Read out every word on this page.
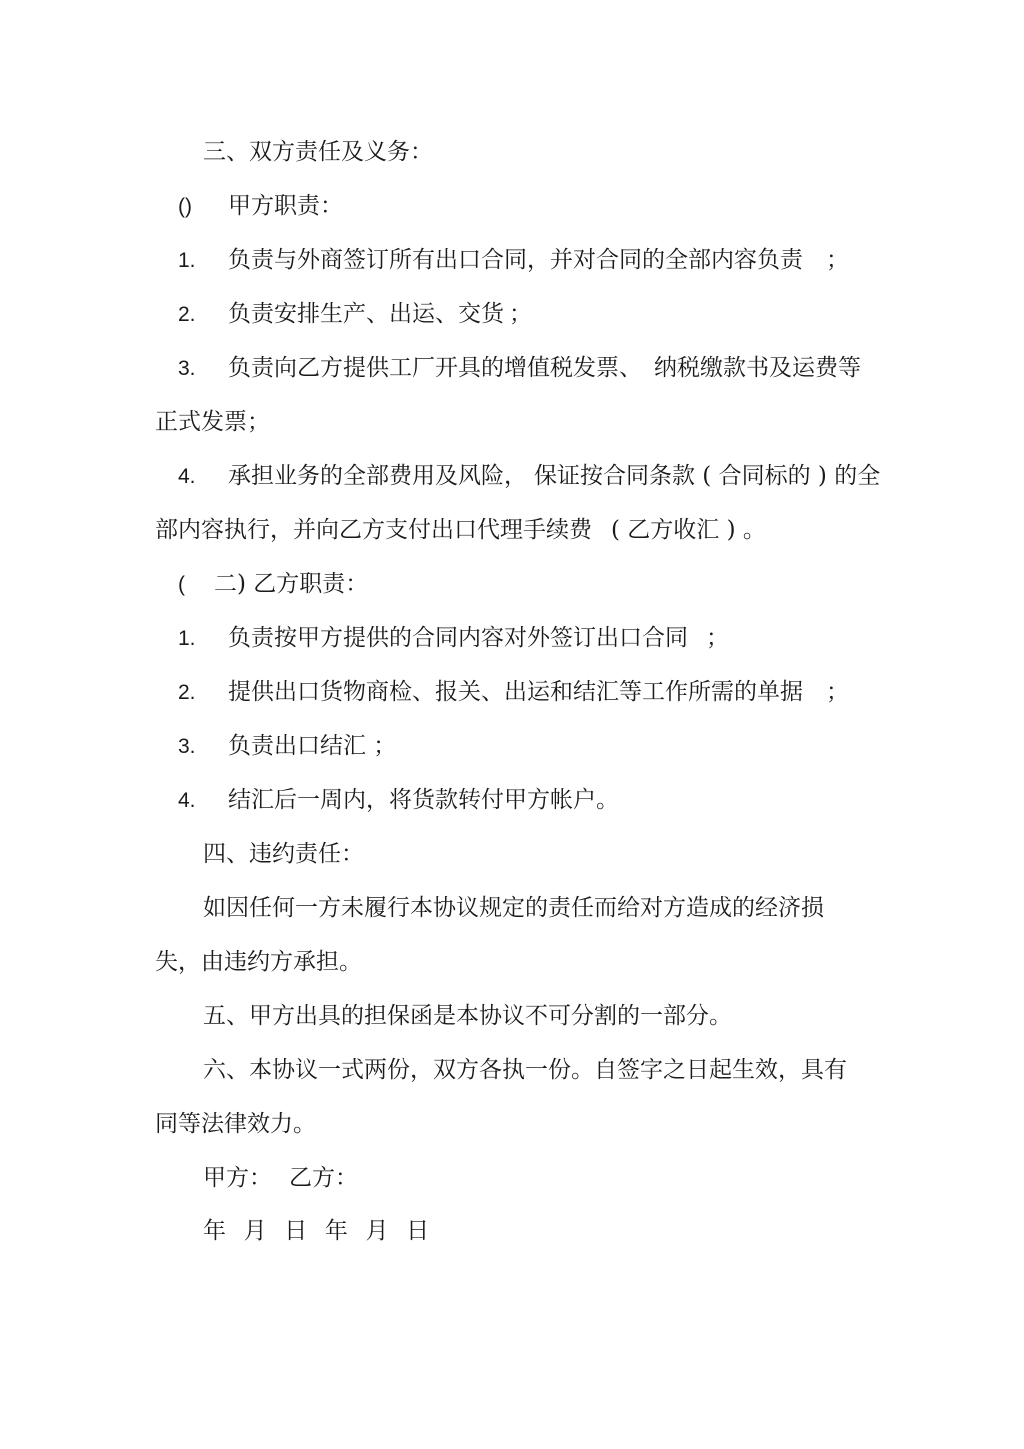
三、双方责任及义务：
() 甲方职责：
1. 负责与外商签订所有出口合同，并对合同的全部内容负责 ；
2. 负责安排生产、出运、交货 ；
3. 负责向乙方提供工厂开具的增值税发票、 纳税缴款书及运费等
正式发票；
4. 承担业务的全部费用及风险， 保证按合同条款 ( 合同标的 ) 的全
部内容执行，并向乙方支付出口代理手续费 ( 乙方收汇 ) 。
( 二) 乙方职责：
1. 负责按甲方提供的合同内容对外签订出口合同 ；
2. 提供出口货物商检、报关、出运和结汇等工作所需的单据 ；
3. 负责出口结汇 ；
4. 结汇后一周内，将货款转付甲方帐户。
四、违约责任：
如因任何一方未履行本协议规定的责任而给对方造成的经济损
失，由违约方承担。
五、甲方出具的担保函是本协议不可分割的一部分。
六、本协议一式两份，双方各执一份。自签字之日起生效，具有
同等法律效力。
甲方： 乙方：
年  月  日  年  月  日
